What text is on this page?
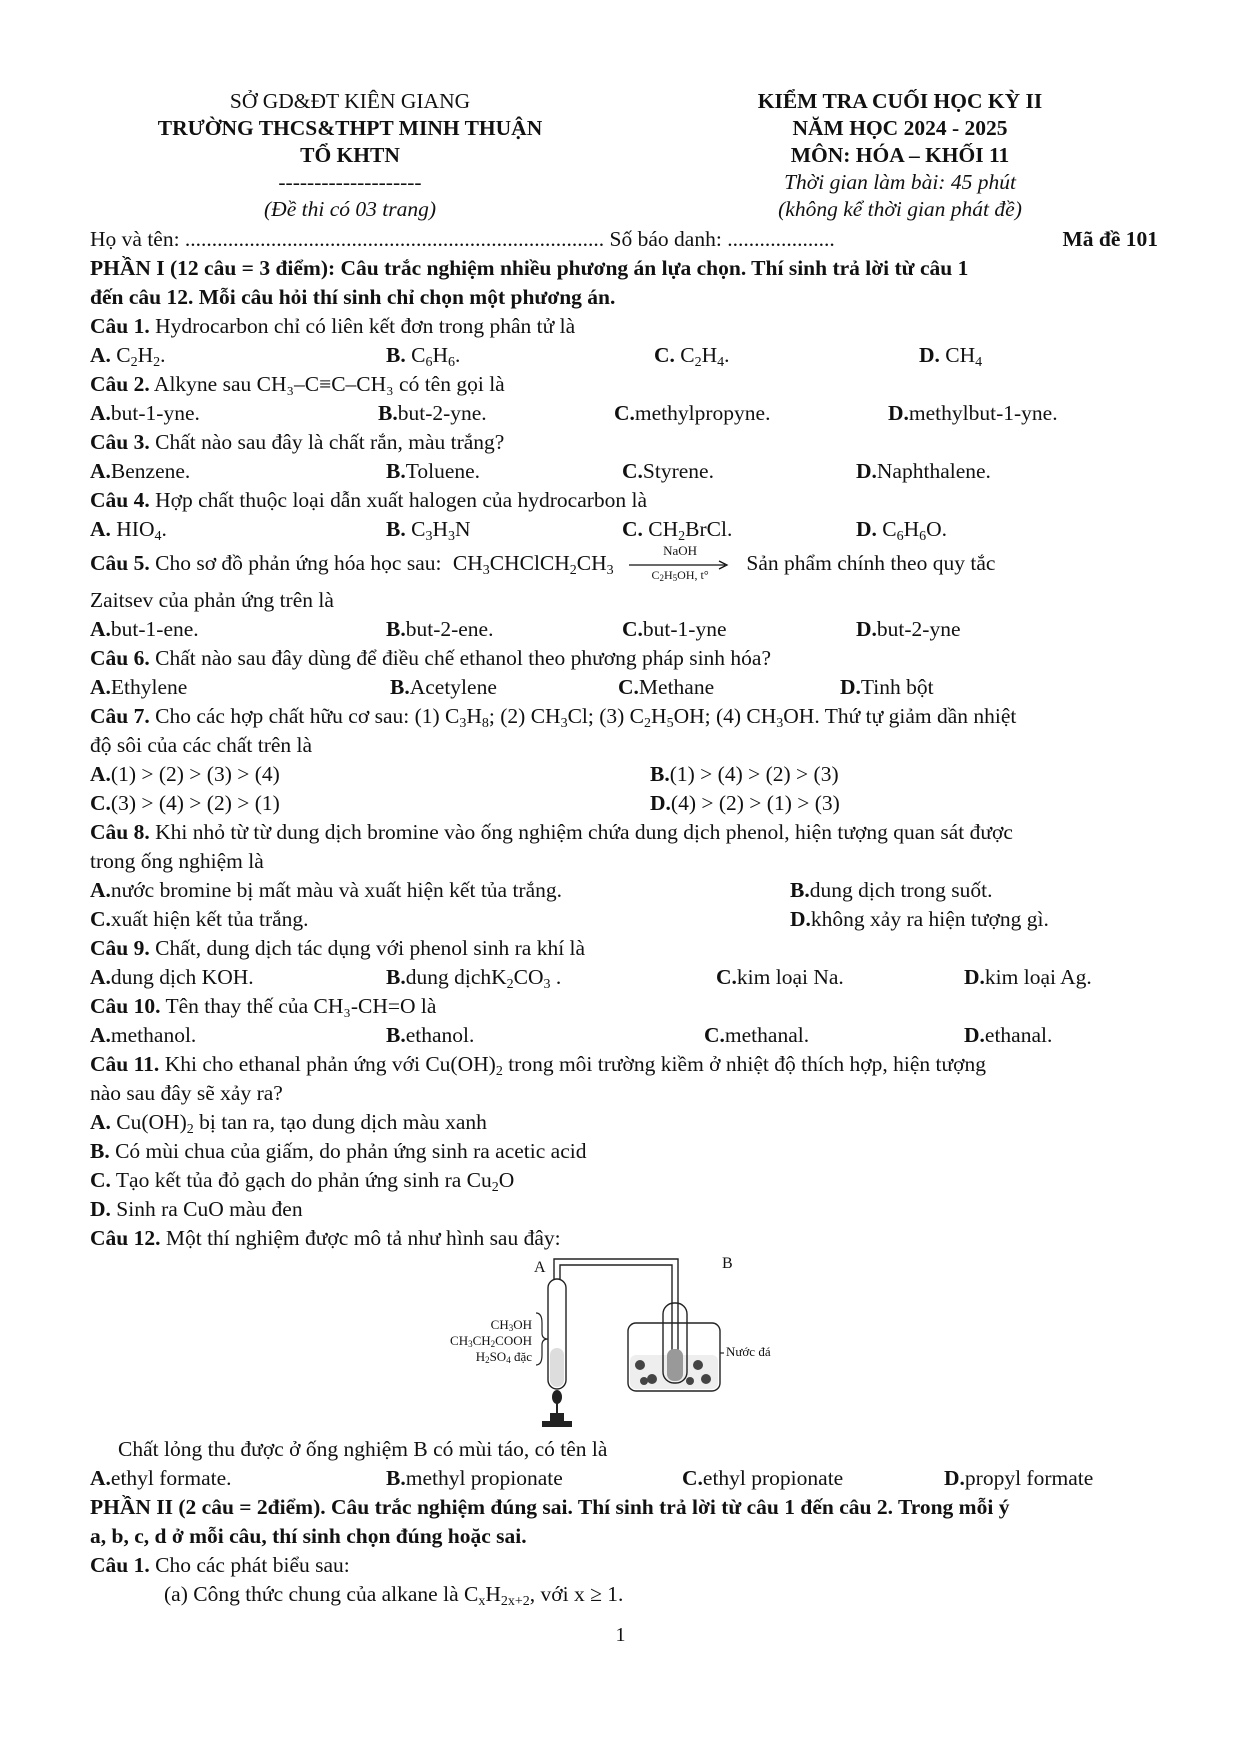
SỞ GD&ĐT KIÊN GIANG
TRƯỜNG THCS&THPT MINH THUẬN
TỔ KHTN
--------------------
(Đề thi có 03 trang)
KIỂM TRA CUỐI HỌC KỲ II
NĂM HỌC 2024 - 2025
MÔN: HÓA – KHỐI 11
Thời gian làm bài: 45 phút
(không kể thời gian phát đề)
Họ và tên: .............................................................................. Số báo danh: ....................	Mã đề 101
PHẦN I (12 câu = 3 điểm): Câu trắc nghiệm nhiều phương án lựa chọn. Thí sinh trả lời từ câu 1
đến câu 12. Mỗi câu hỏi thí sinh chỉ chọn một phương án.
Câu 1. Hydrocarbon chỉ có liên kết đơn trong phân tử là
A. $C_2H_2$.	B. $C_6H_6$.	C. $C_2H_4$.	D. $CH_4$
Câu 2. Alkyne sau CH₃–C≡C–CH₃ có tên gọi là
A.but-1-yne.	B.but-2-yne.	C.methylpropyne.	D.methylbut-1-yne.
Câu 3. Chất nào sau đây là chất rắn, màu trắng?
A.Benzene.	B.Toluene.	C.Styrene.	D.Naphthalene.
Câu 4. Hợp chất thuộc loại dẫn xuất halogen của hydrocarbon là
A. $HIO_4$.	B. $C_3H_3N$	C. $CH_2BrCl$.	D. $C_6H_6O$.
Câu 5. Cho sơ đồ phản ứng hóa học sau: $CH_3CHClCH_2CH_3$
NaOH
$C_2H_5OH$, t°
Sản phẩm chính theo quy tắc
Zaitsev của phản ứng trên là
A.but-1-ene.	B.but-2-ene.	C.but-1-yne	D.but-2-yne
Câu 6. Chất nào sau đây dùng để điều chế ethanol theo phương pháp sinh hóa?
A.Ethylene	B.Acetylene	C.Methane	D.Tinh bột
Câu 7. Cho các hợp chất hữu cơ sau: (1) $C_3H_8$; (2) $CH_3Cl$; (3) $C_2H_5OH$; (4) $CH_3OH$. Thứ tự giảm dần nhiệt
độ sôi của các chất trên là
A.(1) > (2) > (3) > (4)	B.(1) > (4) > (2) > (3)
C.(3) > (4) > (2) > (1)	D.(4) > (2) > (1) > (3)
Câu 8. Khi nhỏ từ từ dung dịch bromine vào ống nghiệm chứa dung dịch phenol, hiện tượng quan sát được
trong ống nghiệm là
A.nước bromine bị mất màu và xuất hiện kết tủa trắng.	B.dung dịch trong suốt.
C.xuất hiện kết tủa trắng.	D.không xảy ra hiện tượng gì.
Câu 9. Chất, dung dịch tác dụng với phenol sinh ra khí là
A.dung dịch KOH.	B.dung $dịchK_2CO_3$ .	C.kim loại Na.	D.kim loại Ag.
Câu 10. Tên thay thế của CH₃-CH=O là
A.methanol.	B.ethanol.	C.methanal.	D.ethanal.
Câu 11. Khi cho ethanal phản ứng với $Cu(OH)_2$ trong môi trường kiềm ở nhiệt độ thích hợp, hiện tượng
nào sau đây sẽ xảy ra?
A. $Cu(OH)_2$ bị tan ra, tạo dung dịch màu xanh
B. Có mùi chua của giấm, do phản ứng sinh ra acetic acid
C. Tạo kết tủa đỏ gạch do phản ứng sinh ra $Cu_2O$
D. Sinh ra CuO màu đen
Câu 12. Một thí nghiệm được mô tả như hình sau đây:
A	B
$CH_3OH$
$CH_3CH_2COOH$
$H_2SO_4$ đặc	Nước đá
Chất lỏng thu được ở ống nghiệm B có mùi táo, có tên là
A.ethyl formate.	B.methyl propionate	C.ethyl propionate	D.propyl formate
PHẦN II (2 câu = 2điểm). Câu trắc nghiệm đúng sai. Thí sinh trả lời từ câu 1 đến câu 2. Trong mỗi ý
a, b, c, d ở mỗi câu, thí sinh chọn đúng hoặc sai.
Câu 1. Cho các phát biểu sau:
(a) Công thức chung của alkane là $C_xH_{2x+2}$, với x ≥ 1.
1
